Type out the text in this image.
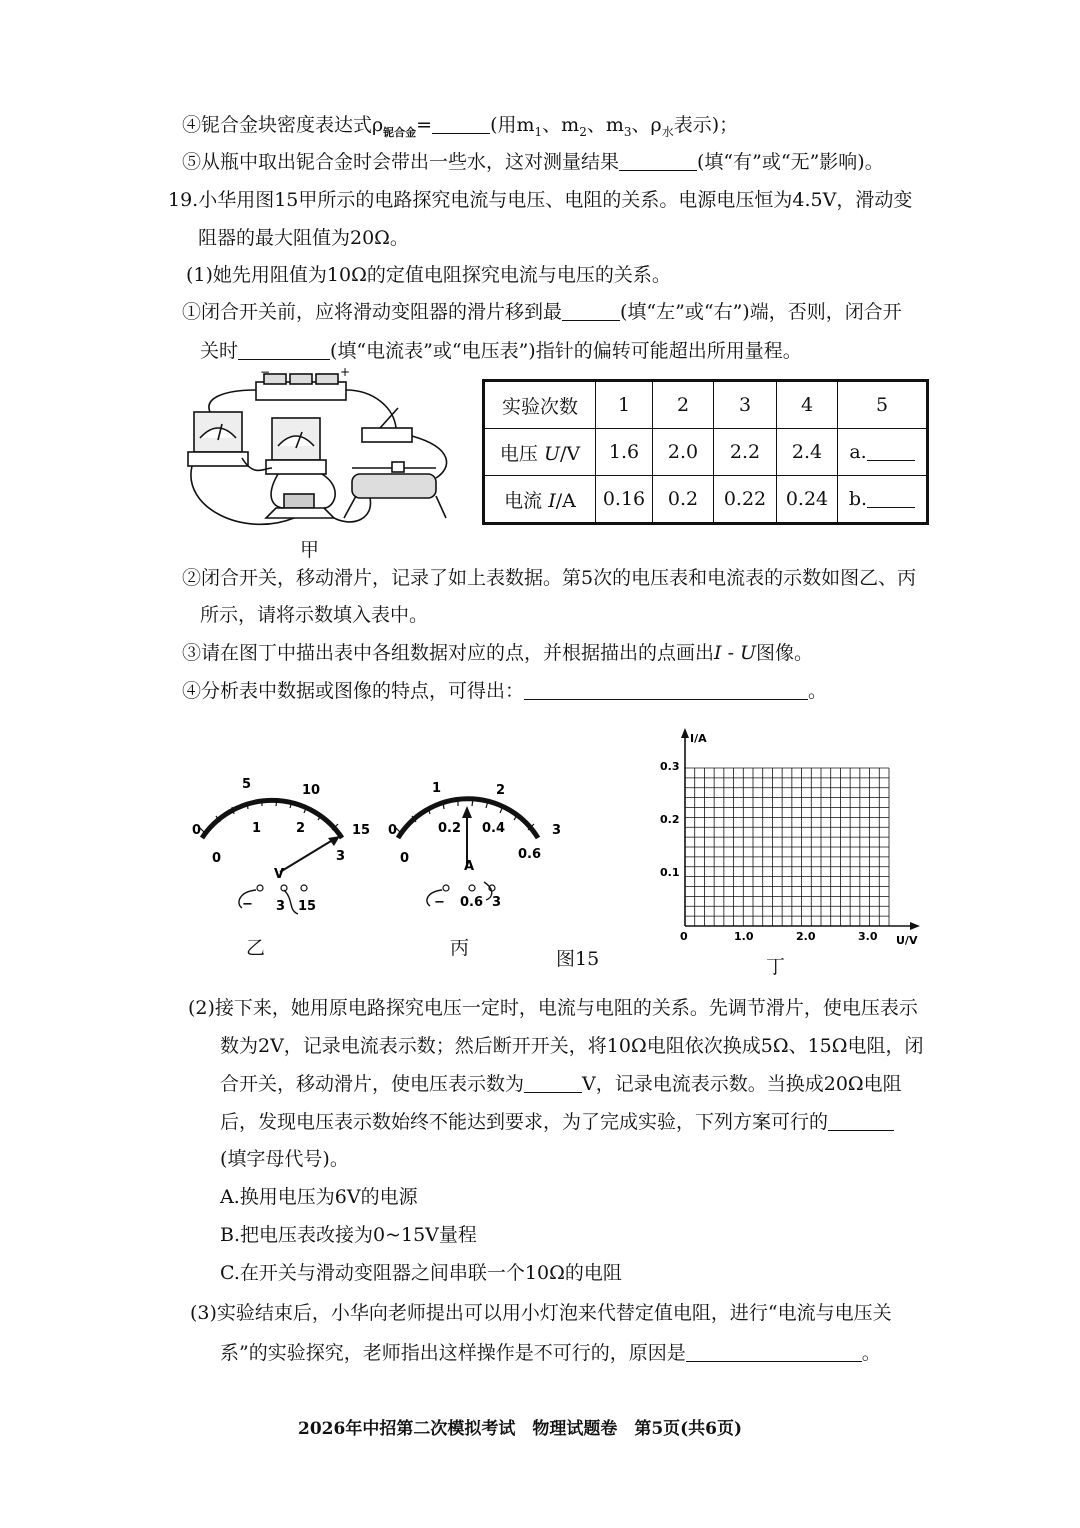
④铌合金块密度表达式$\rho_{铌合金}=$	(用$m_1$、$m_2$、$m_3$、$\rho_水$表示)；
⑤从瓶中取出铌合金时会带出一些水，这对测量结果	(填“有”或“无”影响)。
19.小华用图15甲所示的电路探究电流与电压、电阻的关系。电源电压恒为4.5V，滑动变
阻器的最大阻值为20Ω。
(1)她先用阻值为10Ω的定值电阻探究电流与电压的关系。
①闭合开关前，应将滑动变阻器的滑片移到最	(填“左”或“右”)端，否则，闭合开
关时	(填“电流表”或“电压表”)指针的偏转可能超出所用量程。
−	+
甲
实验次数	1	2	3	4	5
电压 U/V	1.6	2.0	2.2	2.4	a.
电流 I/A	0.16	0.2	0.22	0.24	b.
②闭合开关，移动滑片，记录了如上表数据。第5次的电压表和电流表的示数如图乙、丙
所示，请将示数填入表中。
③请在图丁中描出表中各组数据对应的点，并根据描出的点画出I - U图像。
④分析表中数据或图像的特点，可得出：	。
0
5	10
15
0
1	2
3
V
− 3 15
0
1	2
3
0
0.2 0.4
0.6
A
− 0.6 3
乙	丙	图15
I/A
U/V
0.3
0.2
0.1
0	1.0	2.0	3.0
丁
(2)接下来，她用原电路探究电压一定时，电流与电阻的关系。先调节滑片，使电压表示
数为2V，记录电流表示数；然后断开开关，将10Ω电阻依次换成5Ω、15Ω电阻，闭
合开关，移动滑片，使电压表示数为	V，记录电流表示数。当换成20Ω电阻
后，发现电压表示数始终不能达到要求，为了完成实验，下列方案可行的
(填字母代号)。
A.换用电压为6V的电源
B.把电压表改接为0~15V量程
C.在开关与滑动变阻器之间串联一个10Ω的电阻
(3)实验结束后，小华向老师提出可以用小灯泡来代替定值电阻，进行“电流与电压关
系”的实验探究，老师指出这样操作是不可行的，原因是	。
2026年中招第二次模拟考试　物理试题卷　第5页(共6页)
